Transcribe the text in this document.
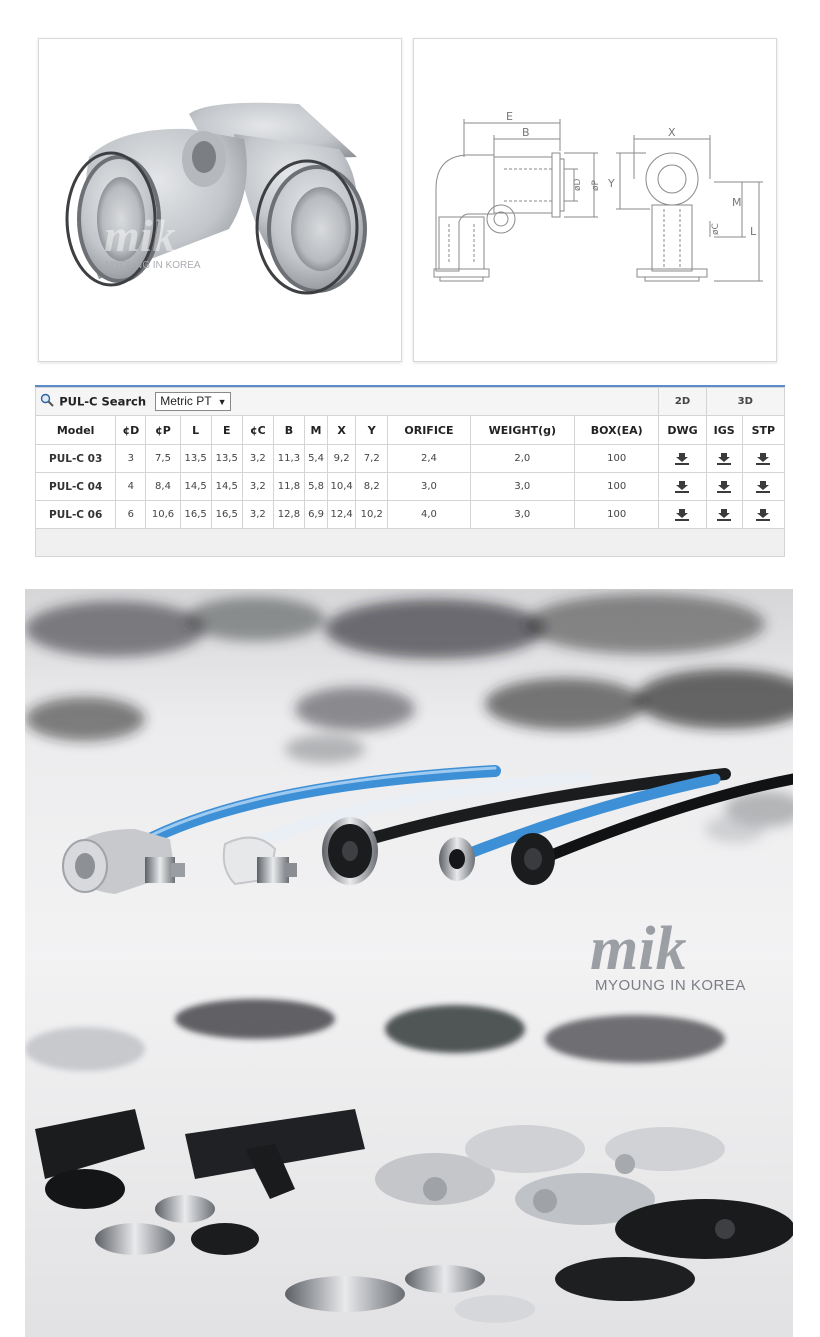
mik
MYOUNG IN KOREA
E
B	X
Y
M
L
øD øP
øC
PUL-C Search Metric PT ▼													2D	3D	
Model	¢D	¢P	L	E	¢C	B	M	X	Y	ORIFICE	WEIGHT(g)	BOX(EA)	DWG	IGS	STP
PUL-C 03	3	7,5	13,5	13,5	3,2	11,3	5,4	9,2	7,2	2,4	2,0	100	

PUL-C 04	4	8,4	14,5	14,5	3,2	11,8	5,8	10,4	8,2	3,0	3,0	100	

PUL-C 06	6	10,6	16,5	16,5	3,2	12,8	6,9	12,4	10,2	4,0	3,0	100	

mik
MYOUNG IN KOREA
